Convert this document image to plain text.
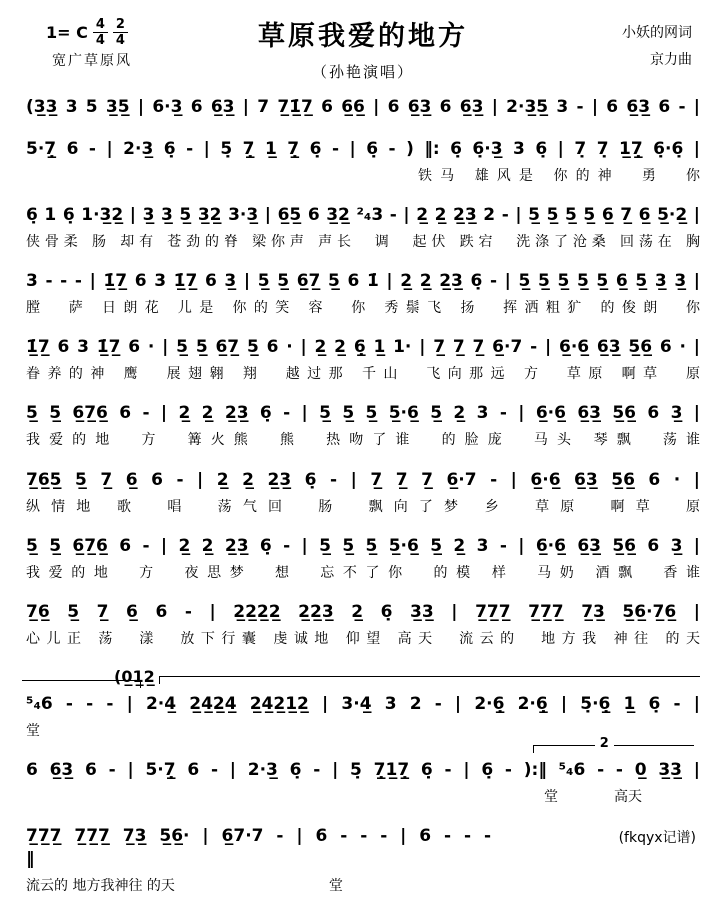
1= C 4
4
2
4
宽广草原风
草原我爱的地方
（孙艳演唱）
小妖的网词
京力曲
(3̲3̲ 3 5 3̲5̲ | 6·3̲ 6 6̲3̲ | 7 7̲1̲̇7̲ 6 6̲6̲ | 6 6̲3̲ 6 6̲3̲ | 2·3̲5̲ 3 - | 6 6̲3̲ 6 - |
5·7̲̣ 6 - | 2·3̲ 6̣ - | 5̣ 7̲̣ 1̲ 7̲̣ 6̣ - | 6̣ - ) ‖: 6̣ 6̣·3̲ 3 6̣ | 7̣ 7̣ 1̲7̲̣ 6̣·6̣ |
铁马 雄风是 你的神　勇　你
6̣ 1 6̣ 1·3̲2̲ | 3̲ 3̲ 5̲ 3̲2̲ 3·3̲ | 6̲5̲ 6 3̲2̲ ²₄3 - | 2̲ 2̲ 2̲3̲ 2 - | 5̲ 5̲ 5̲ 5̲ 6̲ 7̲ 6̲ 5̲·2̲ |
侠骨柔 肠 却有 苍劲的脊 梁你声 声长　调　起伏 跌宕　洗涤了沧桑 回荡在 胸
3 - - - | 1̲̇7̲ 6 3 1̲̇7̲ 6 3̲ | 5̲ 5̲ 6̲7̲ 5̲ 6 1̇ | 2̲ 2̲ 2̲3̲ 6̣ - | 5̲ 5̲ 5̲ 5̲ 5̲ 6̲ 5̲ 3̲ 3̲ |
膛　萨 日朗花 儿是 你的笑 容　你 秀鬃飞 扬　挥洒粗犷 的俊朗　你
1̲̇7̲ 6 3 1̲̇7̲ 6 · | 5̲ 5̲ 6̲7̲ 5̲ 6 · | 2̲ 2̲ 6̲̣ 1̲ 1· | 7̲ 7̲ 7̲ 6̲·7 - | 6̲·6̲ 6̲3̲ 5̲6̲ 6 · |
眷养的神 鹰　展翅翱 翔　越过那 千山　飞向那远 方　草原 啊草　原
5̲ 5̲ 6̲7̲6̲ 6 - | 2̲ 2̲ 2̲3̲ 6̣ - | 5̲ 5̲ 5̲ 5̲·6̲ 5̲ 2̲ 3 - | 6̲·6̲ 6̲3̲ 5̲6̲ 6 3̲ |
我爱的地　方　篝火熊　熊　热吻了谁　的脸庞　马头 琴飘　荡谁
7̲6̲5̲ 5̲ 7̲ 6̲ 6 - | 2̲ 2̲ 2̲3̲ 6̣ - | 7̲ 7̲ 7̲ 6̲·7 - | 6̲·6̲ 6̲3̲ 5̲6̲ 6 · |
纵情地 歌　唱　荡气回　肠　飘向了梦 乡　草原　啊草　原
5̲ 5̲ 6̲7̲6̲ 6 - | 2̲ 2̲ 2̲3̲ 6̣ - | 5̲ 5̲ 5̲ 5̲·6̲ 5̲ 2̲ 3 - | 6̲·6̲ 6̲3̲ 5̲6̲ 6 3̲ |
我爱的地　方　夜思梦　想　忘不了你　的模 样　马奶 酒飘　香谁
7̲6̲ 5̲ 7̲ 6̲ 6 - | 2̲2̲2̲2̲ 2̲2̲3̲ 2̲ 6̣ 3̲3̲ | 7̲7̲7̲ 7̲7̲7̲ 7̲3̲ 5̲6̲·7̲6̲ |
心儿正 荡　漾　放下行囊 虔诚地 仰望 高天　流云的　地方我 神往 的天
(0̲1̲2̲
⁵₄6 - - - | 2·4̲ 2̲4̲2̲4̲ 2̲4̲2̲1̲2̲ | 3·4̲ 3 2 - | 2·6̲̣ 2·6̲̣ | 5̣·6̲̣ 1̲ 6̣ - |
堂
2
6 6̲3̲ 6 - | 5·7̲̣ 6 - | 2·3̲ 6̣ - | 5̣ 7̲̣1̲7̲̣ 6̣ - | 6̣ - ):‖ ⁵₄6 - - 0̲ 3̲3̲ |
堂　　　　高天
7̲7̲7̲ 7̲7̲7̲ 7̲3̲ 5̲6̲· | 6̲7·7 - | 6 - - - | 6 - - - ‖
(fkqyx记谱)
流云的 地方我神往 的天　　　　　　　　　　　堂
